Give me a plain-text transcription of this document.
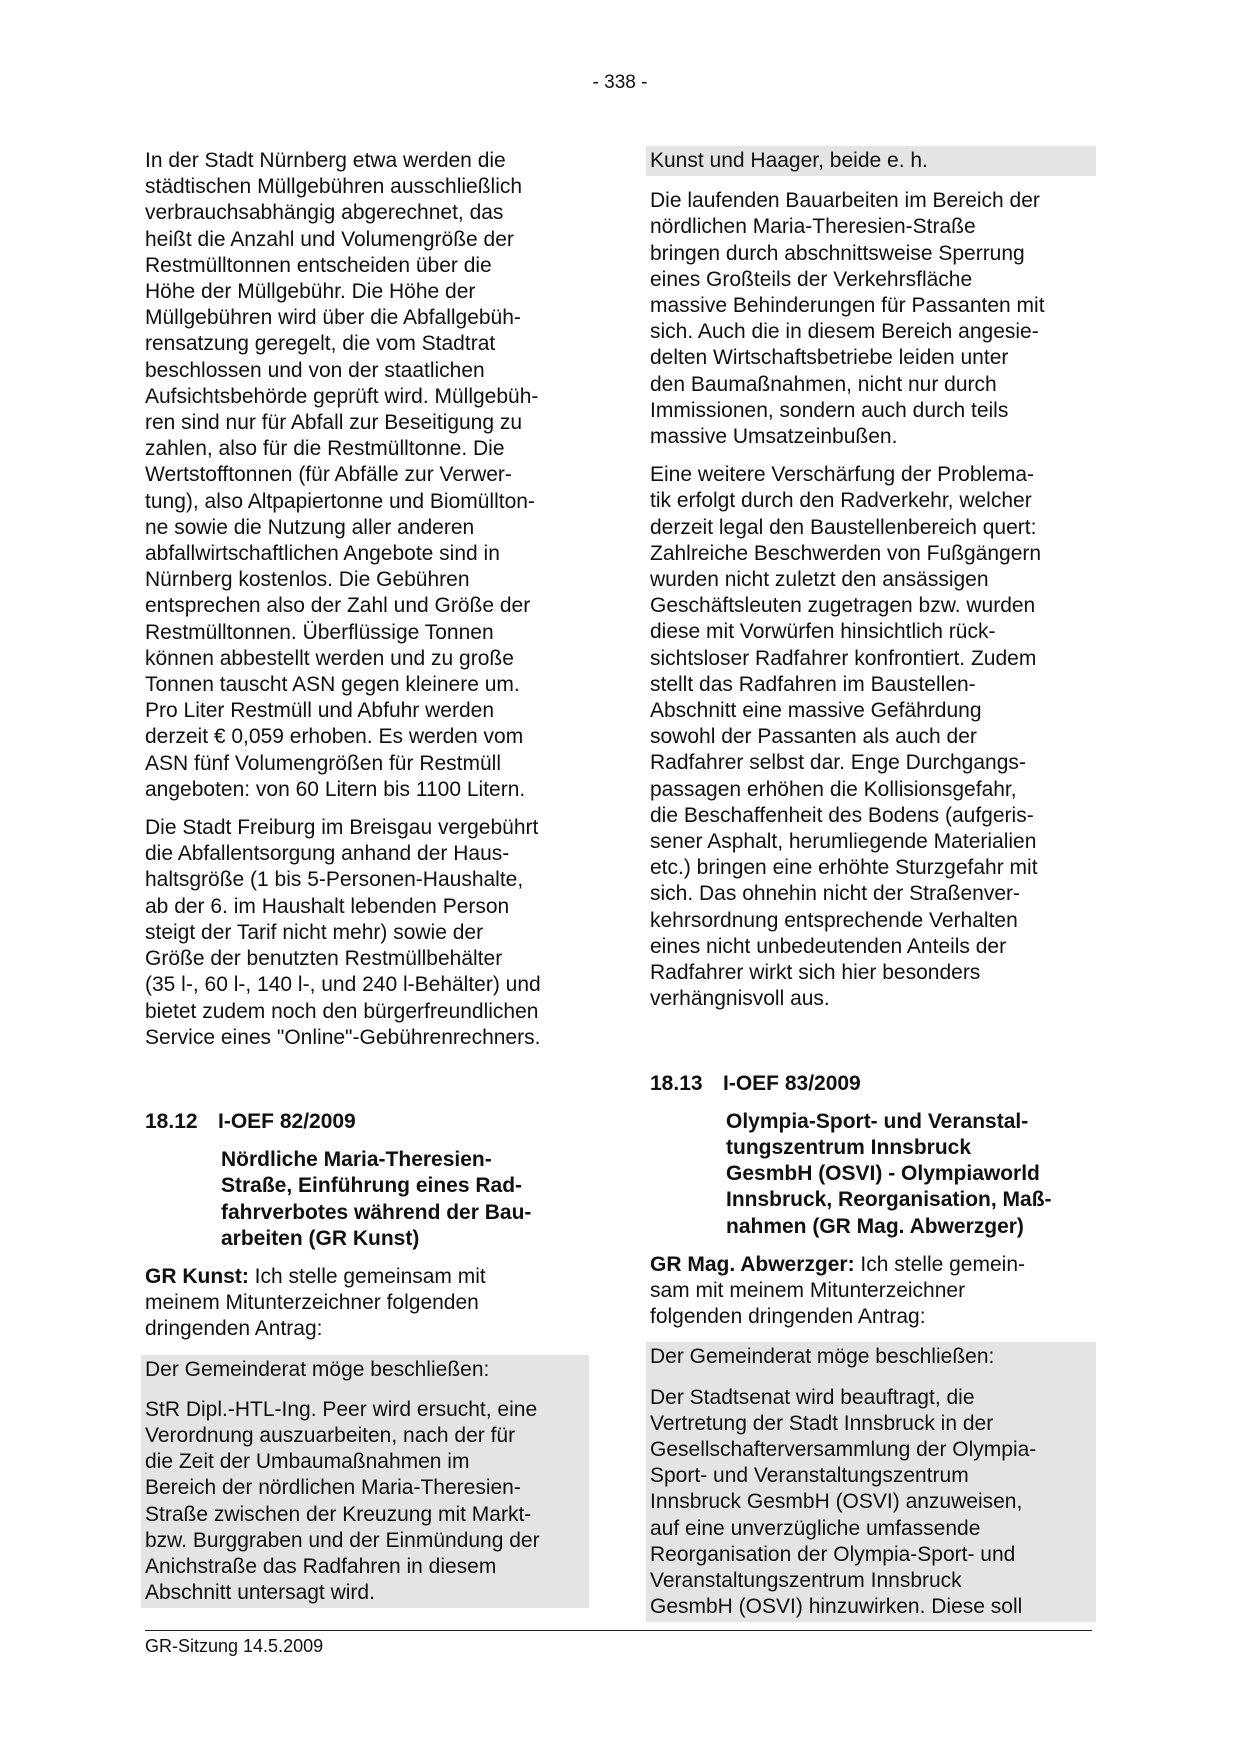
- 338 -
In der Stadt Nürnberg etwa werden die
städtischen Müllgebühren ausschließlich
verbrauchsabhängig abgerechnet, das
heißt die Anzahl und Volumengröße der
Restmülltonnen entscheiden über die
Höhe der Müllgebühr. Die Höhe der
Müllgebühren wird über die Abfallgebüh-
rensatzung geregelt, die vom Stadtrat
beschlossen und von der staatlichen
Aufsichtsbehörde geprüft wird. Müllgebüh-
ren sind nur für Abfall zur Beseitigung zu
zahlen, also für die Restmülltonne. Die
Wertstofftonnen (für Abfälle zur Verwer-
tung), also Altpapiertonne und Biomüllton-
ne sowie die Nutzung aller anderen
abfallwirtschaftlichen Angebote sind in
Nürnberg kostenlos. Die Gebühren
entsprechen also der Zahl und Größe der
Restmülltonnen. Überflüssige Tonnen
können abbestellt werden und zu große
Tonnen tauscht ASN gegen kleinere um.
Pro Liter Restmüll und Abfuhr werden
derzeit € 0,059 erhoben. Es werden vom
ASN fünf Volumengrößen für Restmüll
angeboten: von 60 Litern bis 1100 Litern.
Die Stadt Freiburg im Breisgau vergebührt
die Abfallentsorgung anhand der Haus-
haltsgröße (1 bis 5-Personen-Haushalte,
ab der 6. im Haushalt lebenden Person
steigt der Tarif nicht mehr) sowie der
Größe der benutzten Restmüllbehälter
(35 l-, 60 l-, 140 l-, und 240 l-Behälter) und
bietet zudem noch den bürgerfreundlichen
Service eines "Online"-Gebührenrechners.
18.12 I-OEF 82/2009
Nördliche Maria-Theresien-
Straße, Einführung eines Rad-
fahrverbotes während der Bau-
arbeiten (GR Kunst)
GR Kunst: Ich stelle gemeinsam mit
meinem Mitunterzeichner folgenden
dringenden Antrag:
Der Gemeinderat möge beschließen:
StR Dipl.-HTL-Ing. Peer wird ersucht, eine
Verordnung auszuarbeiten, nach der für
die Zeit der Umbaumaßnahmen im
Bereich der nördlichen Maria-Theresien-
Straße zwischen der Kreuzung mit Markt-
bzw. Burggraben und der Einmündung der
Anichstraße das Radfahren in diesem
Abschnitt untersagt wird.
Kunst und Haager, beide e. h.
Die laufenden Bauarbeiten im Bereich der
nördlichen Maria-Theresien-Straße
bringen durch abschnittsweise Sperrung
eines Großteils der Verkehrsfläche
massive Behinderungen für Passanten mit
sich. Auch die in diesem Bereich angesie-
delten Wirtschaftsbetriebe leiden unter
den Baumaßnahmen, nicht nur durch
Immissionen, sondern auch durch teils
massive Umsatzeinbußen.
Eine weitere Verschärfung der Problema-
tik erfolgt durch den Radverkehr, welcher
derzeit legal den Baustellenbereich quert:
Zahlreiche Beschwerden von Fußgängern
wurden nicht zuletzt den ansässigen
Geschäftsleuten zugetragen bzw. wurden
diese mit Vorwürfen hinsichtlich rück-
sichtsloser Radfahrer konfrontiert. Zudem
stellt das Radfahren im Baustellen-
Abschnitt eine massive Gefährdung
sowohl der Passanten als auch der
Radfahrer selbst dar. Enge Durchgangs-
passagen erhöhen die Kollisionsgefahr,
die Beschaffenheit des Bodens (aufgeris-
sener Asphalt, herumliegende Materialien
etc.) bringen eine erhöhte Sturzgefahr mit
sich. Das ohnehin nicht der Straßenver-
kehrsordnung entsprechende Verhalten
eines nicht unbedeutenden Anteils der
Radfahrer wirkt sich hier besonders
verhängnisvoll aus.
18.13 I-OEF 83/2009
Olympia-Sport- und Veranstal-
tungszentrum Innsbruck
GesmbH (OSVI) - Olympiaworld
Innsbruck, Reorganisation, Maß-
nahmen (GR Mag. Abwerzger)
GR Mag. Abwerzger: Ich stelle gemein-
sam mit meinem Mitunterzeichner
folgenden dringenden Antrag:
Der Gemeinderat möge beschließen:
Der Stadtsenat wird beauftragt, die
Vertretung der Stadt Innsbruck in der
Gesellschafterversammlung der Olympia-
Sport- und Veranstaltungszentrum
Innsbruck GesmbH (OSVI) anzuweisen,
auf eine unverzügliche umfassende
Reorganisation der Olympia-Sport- und
Veranstaltungszentrum Innsbruck
GesmbH (OSVI) hinzuwirken. Diese soll
GR-Sitzung 14.5.2009
